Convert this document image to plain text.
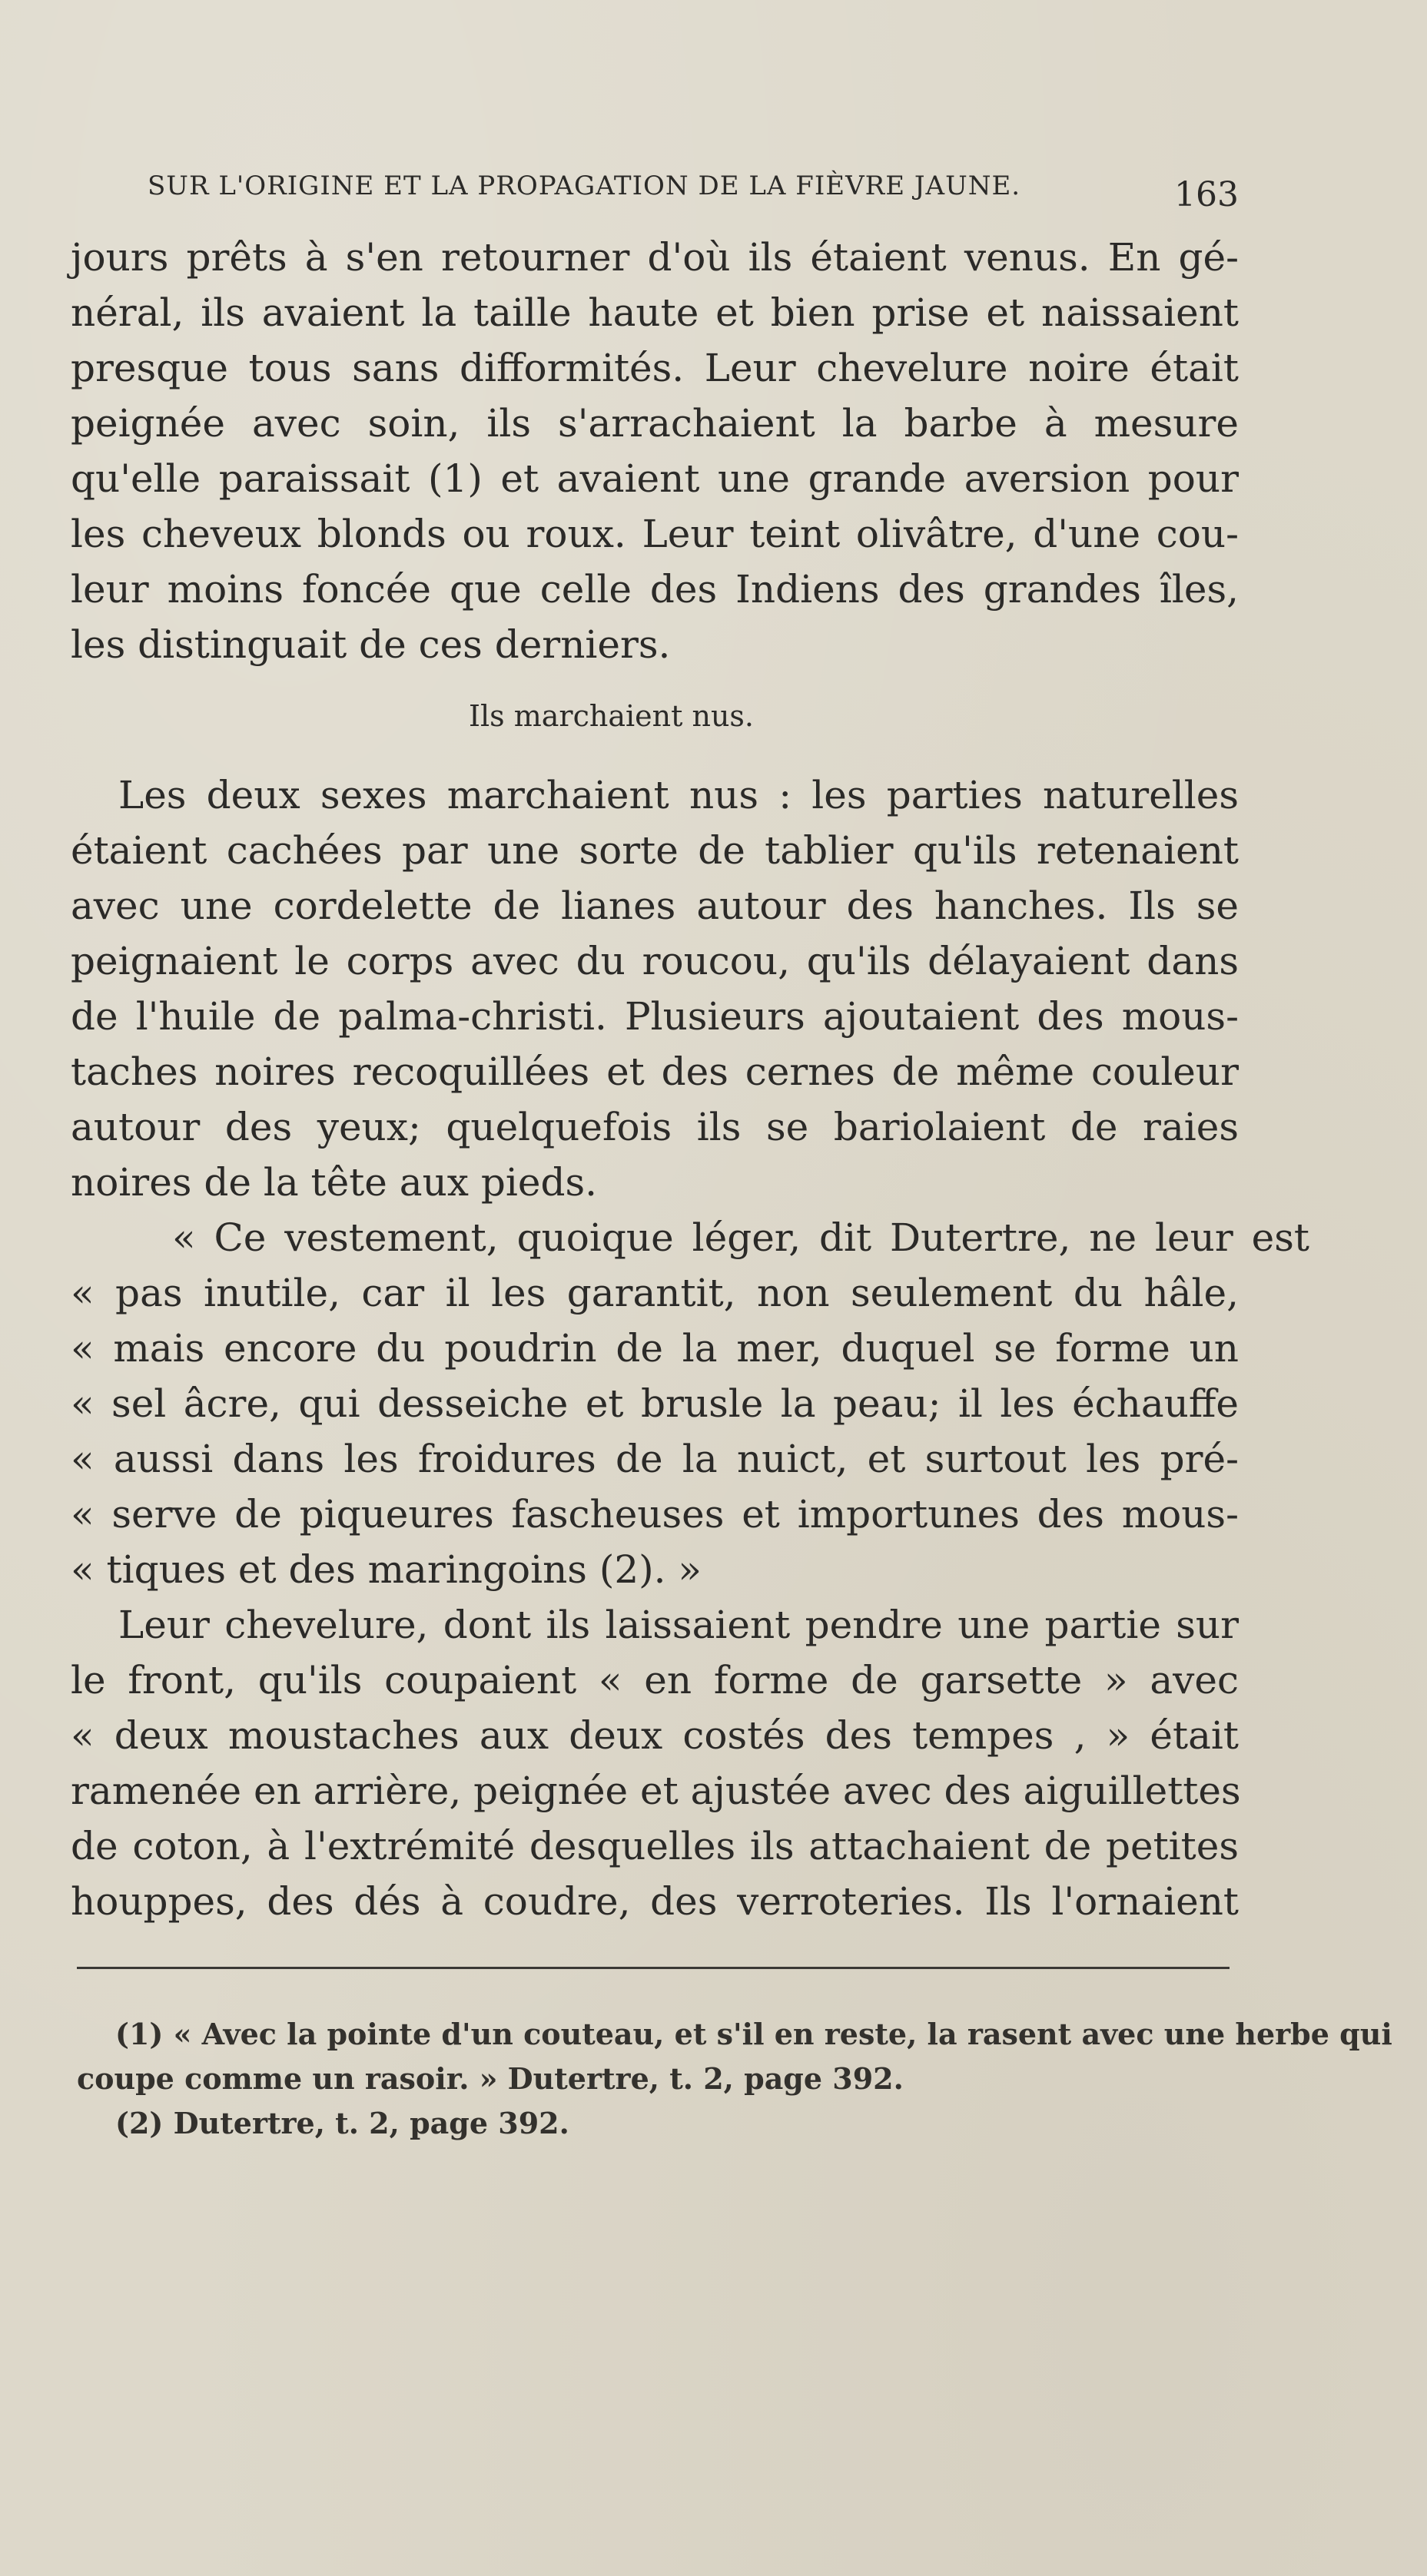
SUR L'ORIGINE ET LA PROPAGATION DE LA FIÈVRE JAUNE.	163
jours prêts à s'en retourner d'où ils étaient venus. En gé-
néral, ils avaient la taille haute et bien prise et naissaient
presque tous sans difformités. Leur chevelure noire était
peignée avec soin, ils s'arrachaient la barbe à mesure
qu'elle paraissait (1) et avaient une grande aversion pour
les cheveux blonds ou roux. Leur teint olivâtre, d'une cou-
leur moins foncée que celle des Indiens des grandes îles,
les distinguait de ces derniers.
Les deux sexes marchaient nus : les parties naturelles
étaient cachées par une sorte de tablier qu'ils retenaient
avec une cordelette de lianes autour des hanches. Ils se
peignaient le corps avec du roucou, qu'ils délayaient dans
de l'huile de palma-christi. Plusieurs ajoutaient des mous-
taches noires recoquillées et des cernes de même couleur
autour des yeux; quelquefois ils se bariolaient de raies
noires de la tête aux pieds.
« Ce vestement, quoique léger, dit Dutertre, ne leur est
« pas inutile, car il les garantit, non seulement du hâle,
« mais encore du poudrin de la mer, duquel se forme un
« sel âcre, qui desseiche et brusle la peau; il les échauffe
« aussi dans les froidures de la nuict, et surtout les pré-
« serve de piqueures fascheuses et importunes des mous-
« tiques et des maringoins (2). »
Leur chevelure, dont ils laissaient pendre une partie sur
le front, qu'ils coupaient « en forme de garsette » avec
« deux moustaches aux deux costés des tempes , » était
ramenée en arrière, peignée et ajustée avec des aiguillettes
de coton, à l'extrémité desquelles ils attachaient de petites
houppes, des dés à coudre, des verroteries. Ils l'ornaient
Ils marchaient nus.
(1) « Avec la pointe d'un couteau, et s'il en reste, la rasent avec une herbe qui
coupe comme un rasoir. » Dutertre, t. 2, page 392.
(2) Dutertre, t. 2, page 392.
